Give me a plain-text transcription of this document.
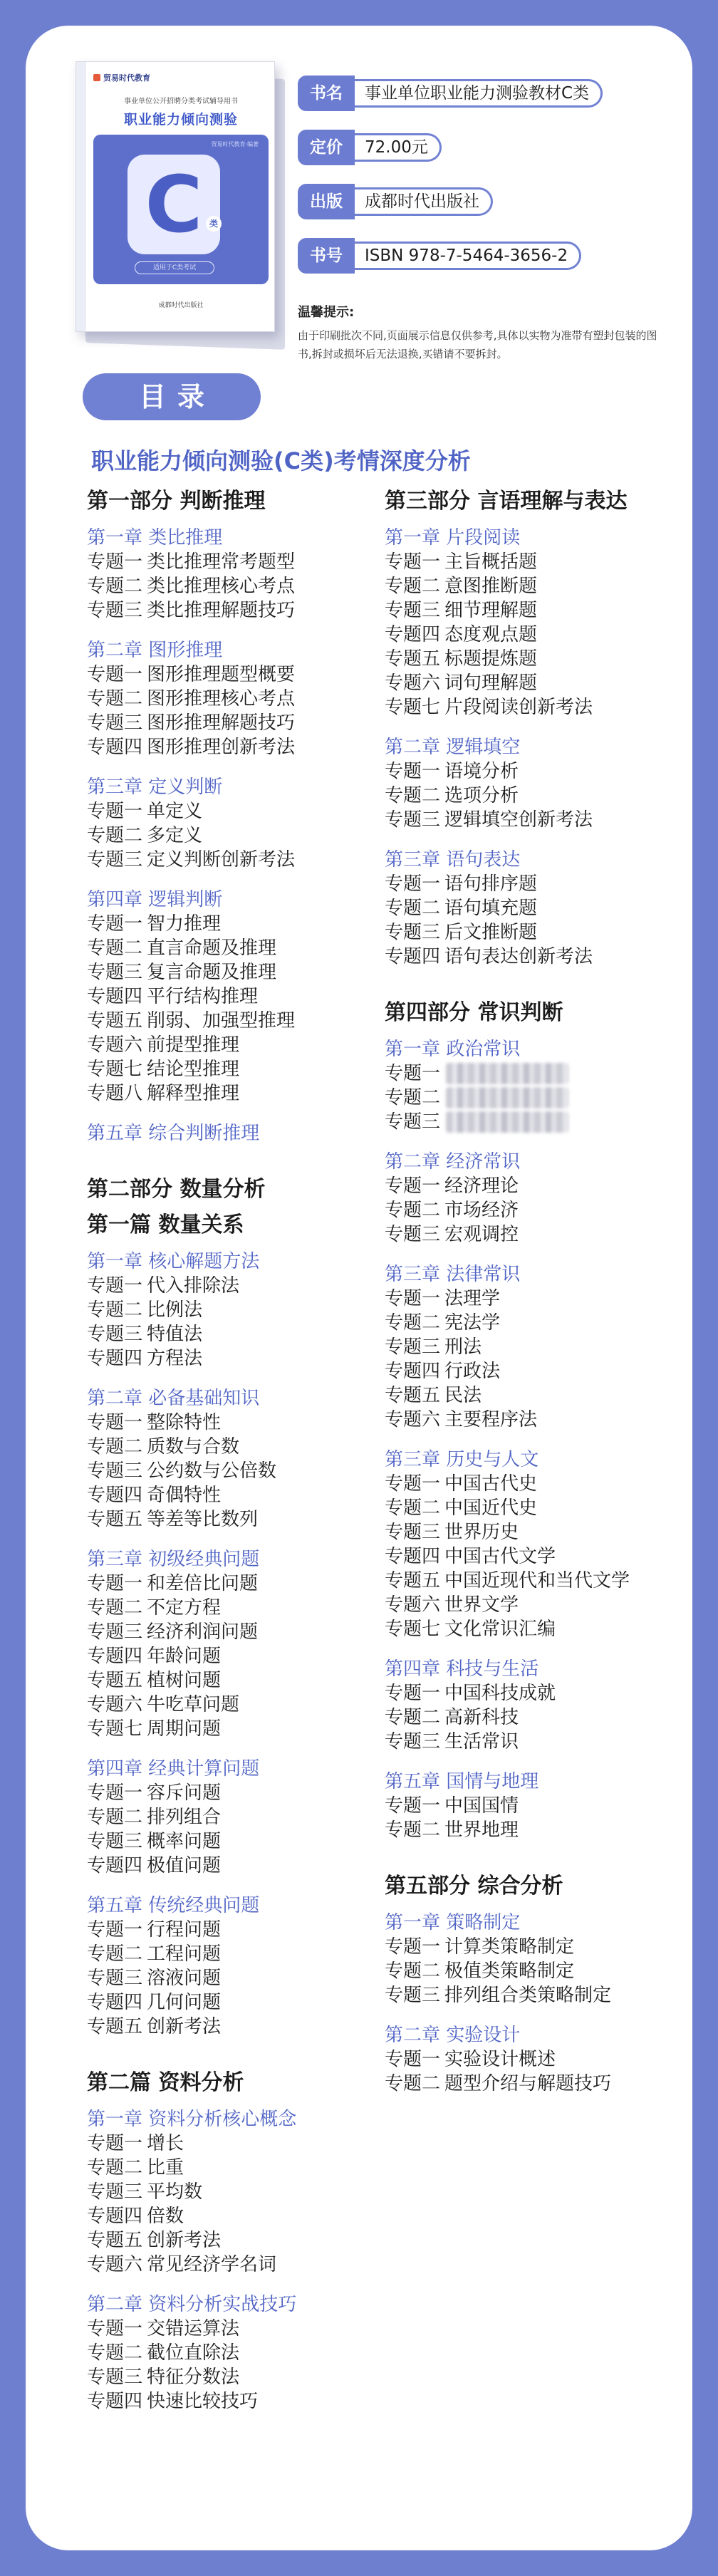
贸易时代教育
事业单位公开招聘分类考试辅导用书
职业能力倾向测验
贸易时代教育·编著
C 类
适用于C类考试
成都时代出版社
书名	事业单位职业能力测验教材C类
定价	72.00元
出版	成都时代出版社
书号	ISBN 978-7-5464-3656-2
温馨提示:
由于印刷批次不同,页面展示信息仅供参考,具体以实物为准带有塑封包装的图书,拆封或损坏后无法退换,买错请不要拆封。
目录
职业能力倾向测验(C类)考情深度分析
第一部分 判断推理
第一章 类比推理
专题一 类比推理常考题型
专题二 类比推理核心考点
专题三 类比推理解题技巧
第二章 图形推理
专题一 图形推理题型概要
专题二 图形推理核心考点
专题三 图形推理解题技巧
专题四 图形推理创新考法
第三章 定义判断
专题一 单定义
专题二 多定义
专题三 定义判断创新考法
第四章 逻辑判断
专题一 智力推理
专题二 直言命题及推理
专题三 复言命题及推理
专题四 平行结构推理
专题五 削弱、加强型推理
专题六 前提型推理
专题七 结论型推理
专题八 解释型推理
第五章 综合判断推理
第二部分 数量分析
第一篇 数量关系
第一章 核心解题方法
专题一 代入排除法
专题二 比例法
专题三 特值法
专题四 方程法
第二章 必备基础知识
专题一 整除特性
专题二 质数与合数
专题三 公约数与公倍数
专题四 奇偶特性
专题五 等差等比数列
第三章 初级经典问题
专题一 和差倍比问题
专题二 不定方程
专题三 经济利润问题
专题四 年龄问题
专题五 植树问题
专题六 牛吃草问题
专题七 周期问题
第四章 经典计算问题
专题一 容斥问题
专题二 排列组合
专题三 概率问题
专题四 极值问题
第五章 传统经典问题
专题一 行程问题
专题二 工程问题
专题三 溶液问题
专题四 几何问题
专题五 创新考法
第二篇 资料分析
第一章 资料分析核心概念
专题一 增长
专题二 比重
专题三 平均数
专题四 倍数
专题五 创新考法
专题六 常见经济学名词
第二章 资料分析实战技巧
专题一 交错运算法
专题二 截位直除法
专题三 特征分数法
专题四 快速比较技巧
第三部分 言语理解与表达
第一章 片段阅读
专题一 主旨概括题
专题二 意图推断题
专题三 细节理解题
专题四 态度观点题
专题五 标题提炼题
专题六 词句理解题
专题七 片段阅读创新考法
第二章 逻辑填空
专题一 语境分析
专题二 选项分析
专题三 逻辑填空创新考法
第三章 语句表达
专题一 语句排序题
专题二 语句填充题
专题三 后文推断题
专题四 语句表达创新考法
第四部分 常识判断
第一章 政治常识
专题一
专题二
专题三
第二章 经济常识
专题一 经济理论
专题二 市场经济
专题三 宏观调控
第三章 法律常识
专题一 法理学
专题二 宪法学
专题三 刑法
专题四 行政法
专题五 民法
专题六 主要程序法
第三章 历史与人文
专题一 中国古代史
专题二 中国近代史
专题三 世界历史
专题四 中国古代文学
专题五 中国近现代和当代文学
专题六 世界文学
专题七 文化常识汇编
第四章 科技与生活
专题一 中国科技成就
专题二 高新科技
专题三 生活常识
第五章 国情与地理
专题一 中国国情
专题二 世界地理
第五部分 综合分析
第一章 策略制定
专题一 计算类策略制定
专题二 极值类策略制定
专题三 排列组合类策略制定
第二章 实验设计
专题一 实验设计概述
专题二 题型介绍与解题技巧
